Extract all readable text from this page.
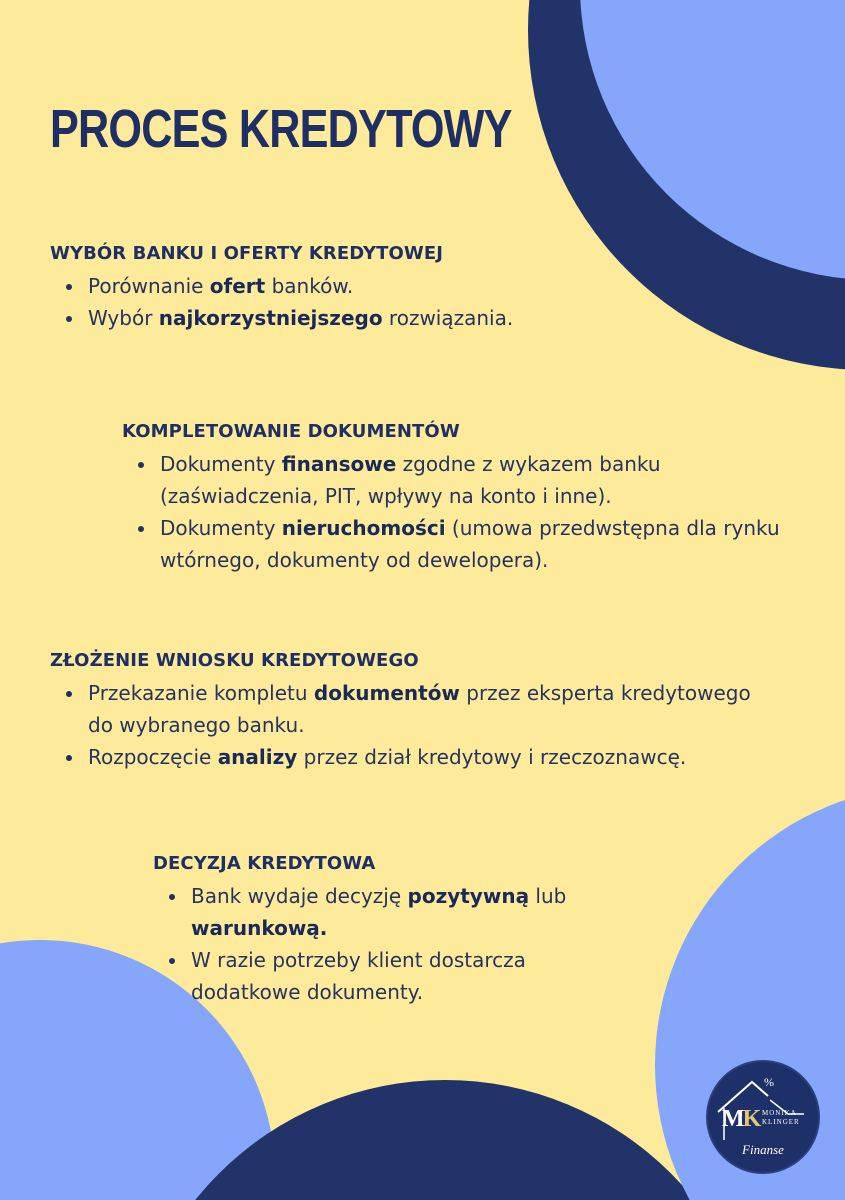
PROCES KREDYTOWY
WYBÓR BANKU I OFERTY KREDYTOWEJ
Porównanie ofert banków.
Wybór najkorzystniejszego rozwiązania.
KOMPLETOWANIE DOKUMENTÓW
Dokumenty finansowe zgodne z wykazem banku (zaświadczenia, PIT, wpływy na konto i inne).
Dokumenty nieruchomości (umowa przedwstępna dla rynku wtórnego, dokumenty od dewelopera).
ZŁOŻENIE WNIOSKU KREDYTOWEGO
Przekazanie kompletu dokumentów przez eksperta kredytowego do wybranego banku.
Rozpoczęcie analizy przez dział kredytowy i rzeczoznawcę.
DECYZJA KREDYTOWA
Bank wydaje decyzję pozytywną lub warunkową.
W razie potrzeby klient dostarcza dodatkowe dokumenty.
%
MK MONIKA
KLINGER
Finanse
